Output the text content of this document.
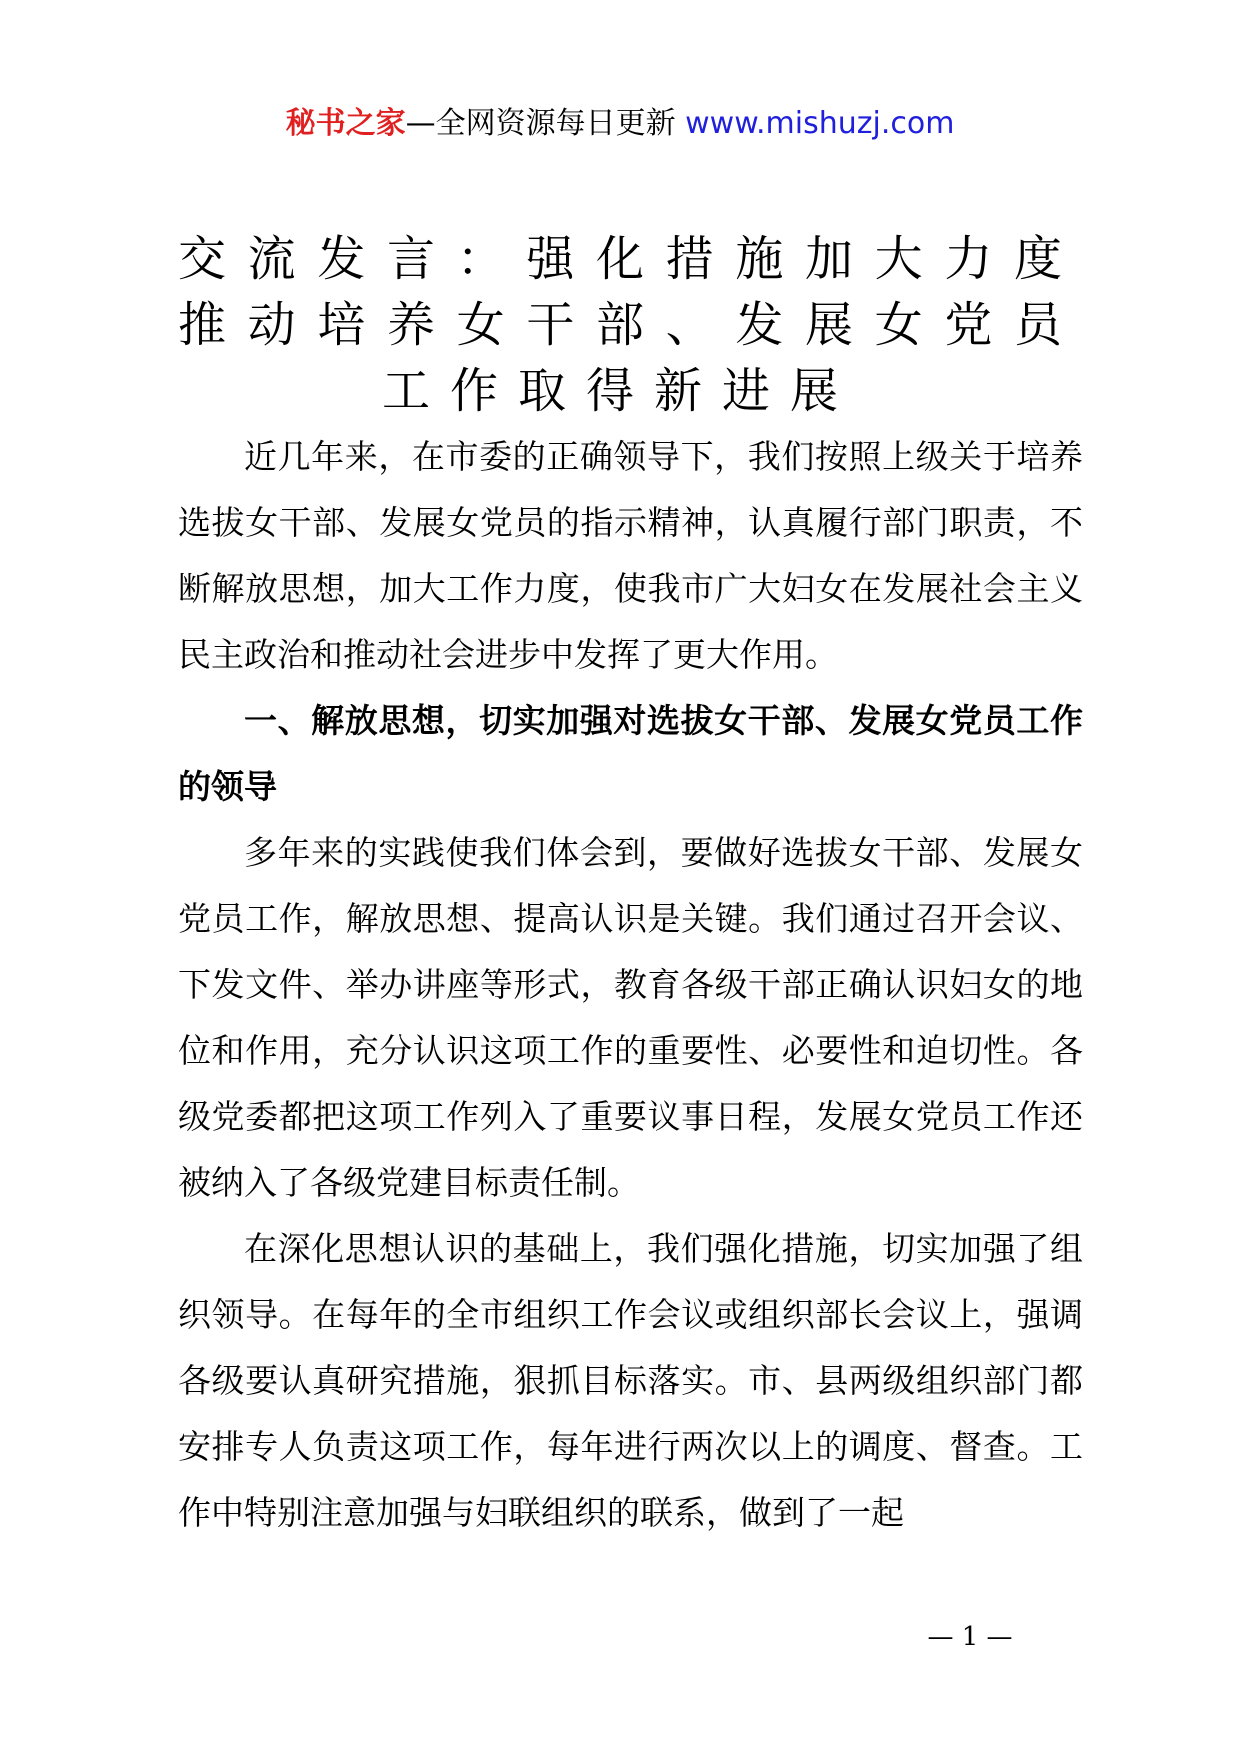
秘书之家—全网资源每日更新 www.mishuzj.com
交流发言：强化措施加大力度
推动培养女干部、发展女党员
工作取得新进展

近几年来，在市委的正确领导下，我们按照上级关于培养选拔女干部、发展女党员的指示精神，认真履行部门职责，不断解放思想，加大工作力度，使我市广大妇女在发展社会主义民主政治和推动社会进步中发挥了更大作用。

一、解放思想，切实加强对选拔女干部、发展女党员工作的领导

多年来的实践使我们体会到，要做好选拔女干部、发展女党员工作，解放思想、提高认识是关键。我们通过召开会议、下发文件、举办讲座等形式，教育各级干部正确认识妇女的地位和作用，充分认识这项工作的重要性、必要性和迫切性。各级党委都把这项工作列入了重要议事日程，发展女党员工作还被纳入了各级党建目标责任制。

在深化思想认识的基础上，我们强化措施，切实加强了组织领导。在每年的全市组织工作会议或组织部长会议上，强调各级要认真研究措施，狠抓目标落实。市、县两级组织部门都安排专人负责这项工作，每年进行两次以上的调度、督查。工作中特别注意加强与妇联组织的联系，做到了一起

— 1 —
